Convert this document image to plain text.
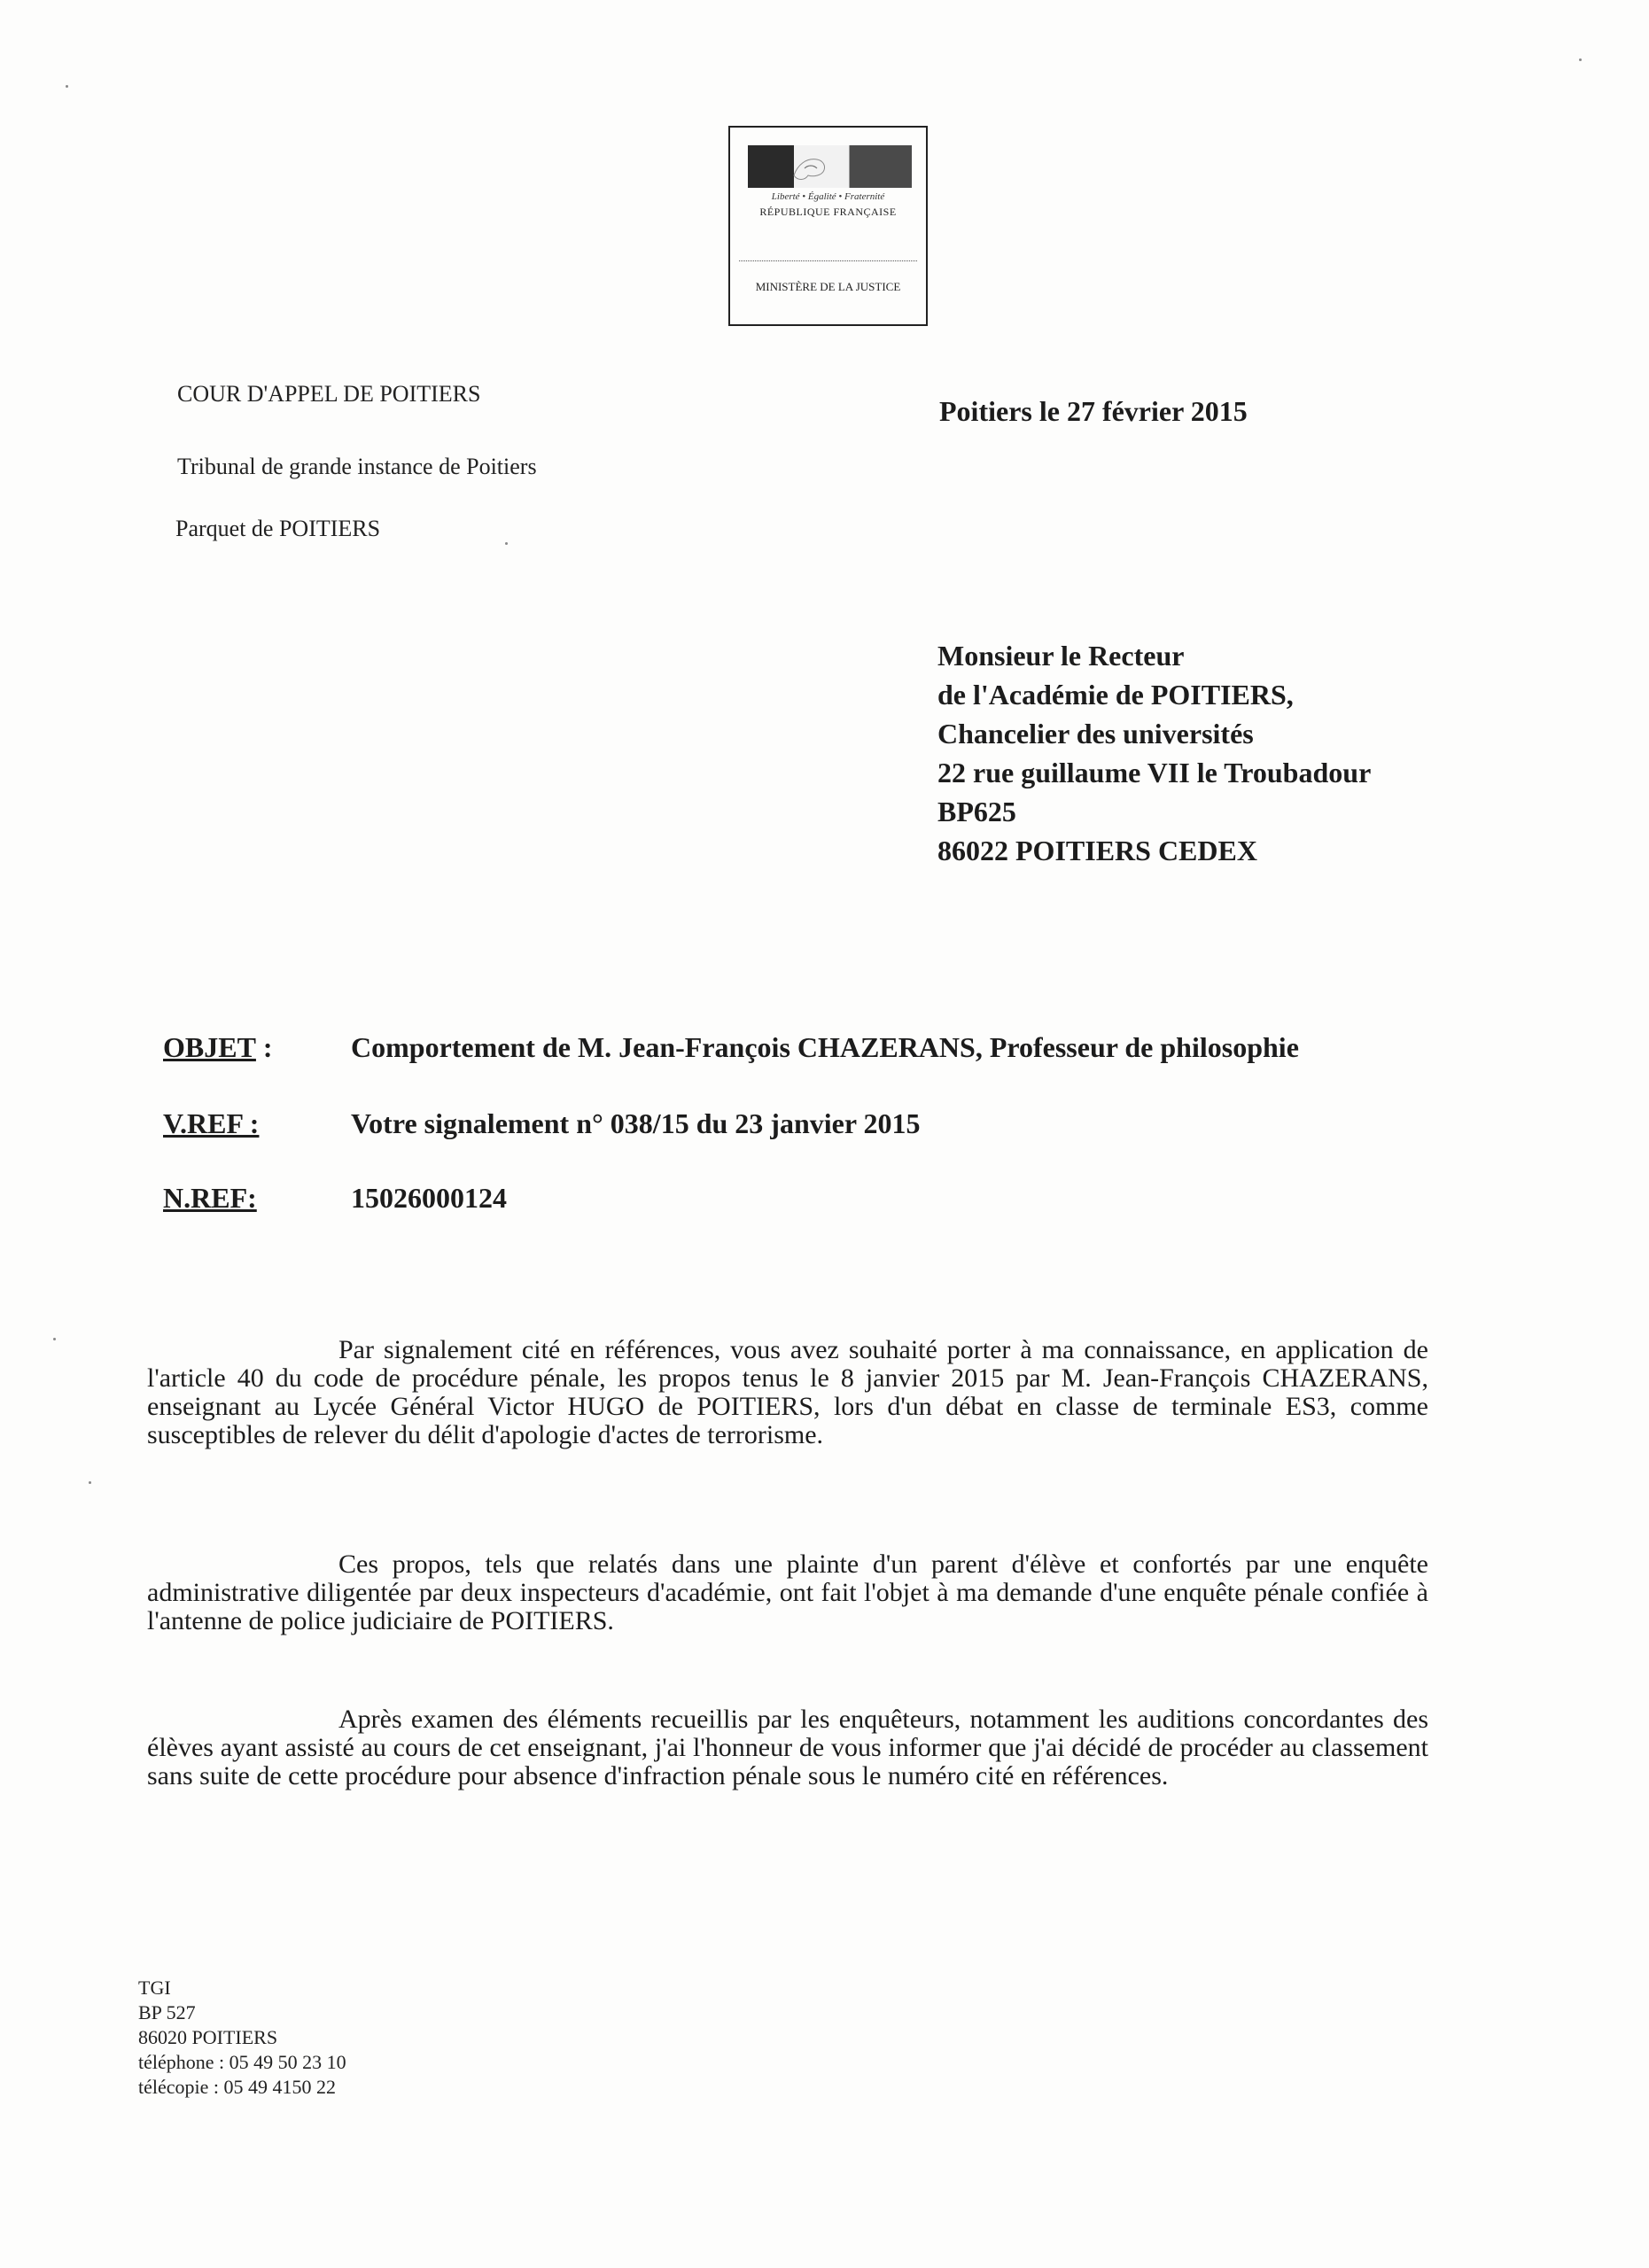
Liberté • Égalité • Fraternité
RÉPUBLIQUE FRANÇAISE
MINISTÈRE DE LA JUSTICE
COUR D'APPEL DE POITIERS
Tribunal de grande instance de Poitiers
Parquet de POITIERS
Poitiers le 27 février 2015
Monsieur le Recteur
de l'Académie de POITIERS,
Chancelier des universités
22 rue guillaume VII le Troubadour
BP625
86022 POITIERS CEDEX
OBJET :	Comportement de M. Jean-François CHAZERANS, Professeur de philosophie
V.REF :	Votre signalement n° 038/15 du 23 janvier 2015
N.REF:	15026000124
Par signalement cité en références, vous avez souhaité porter à ma connaissance, en application de l'article 40 du code de procédure pénale, les propos tenus le 8 janvier 2015 par M. Jean-François CHAZERANS, enseignant au Lycée Général Victor HUGO de POITIERS, lors d'un débat en classe de terminale ES3, comme susceptibles de relever du délit d'apologie d'actes de terrorisme.
Ces propos, tels que relatés dans une plainte d'un parent d'élève et confortés par une enquête administrative diligentée par deux inspecteurs d'académie, ont fait l'objet à ma demande d'une enquête pénale confiée à l'antenne de police judiciaire de POITIERS.
Après examen des éléments recueillis par les enquêteurs, notamment les auditions concordantes des élèves ayant assisté au cours de cet enseignant, j'ai l'honneur de vous informer que j'ai décidé de procéder au classement sans suite de cette procédure pour absence d'infraction pénale sous le numéro cité en références.
TGI
BP 527
86020 POITIERS
téléphone : 05 49 50 23 10
télécopie : 05 49 4150 22
